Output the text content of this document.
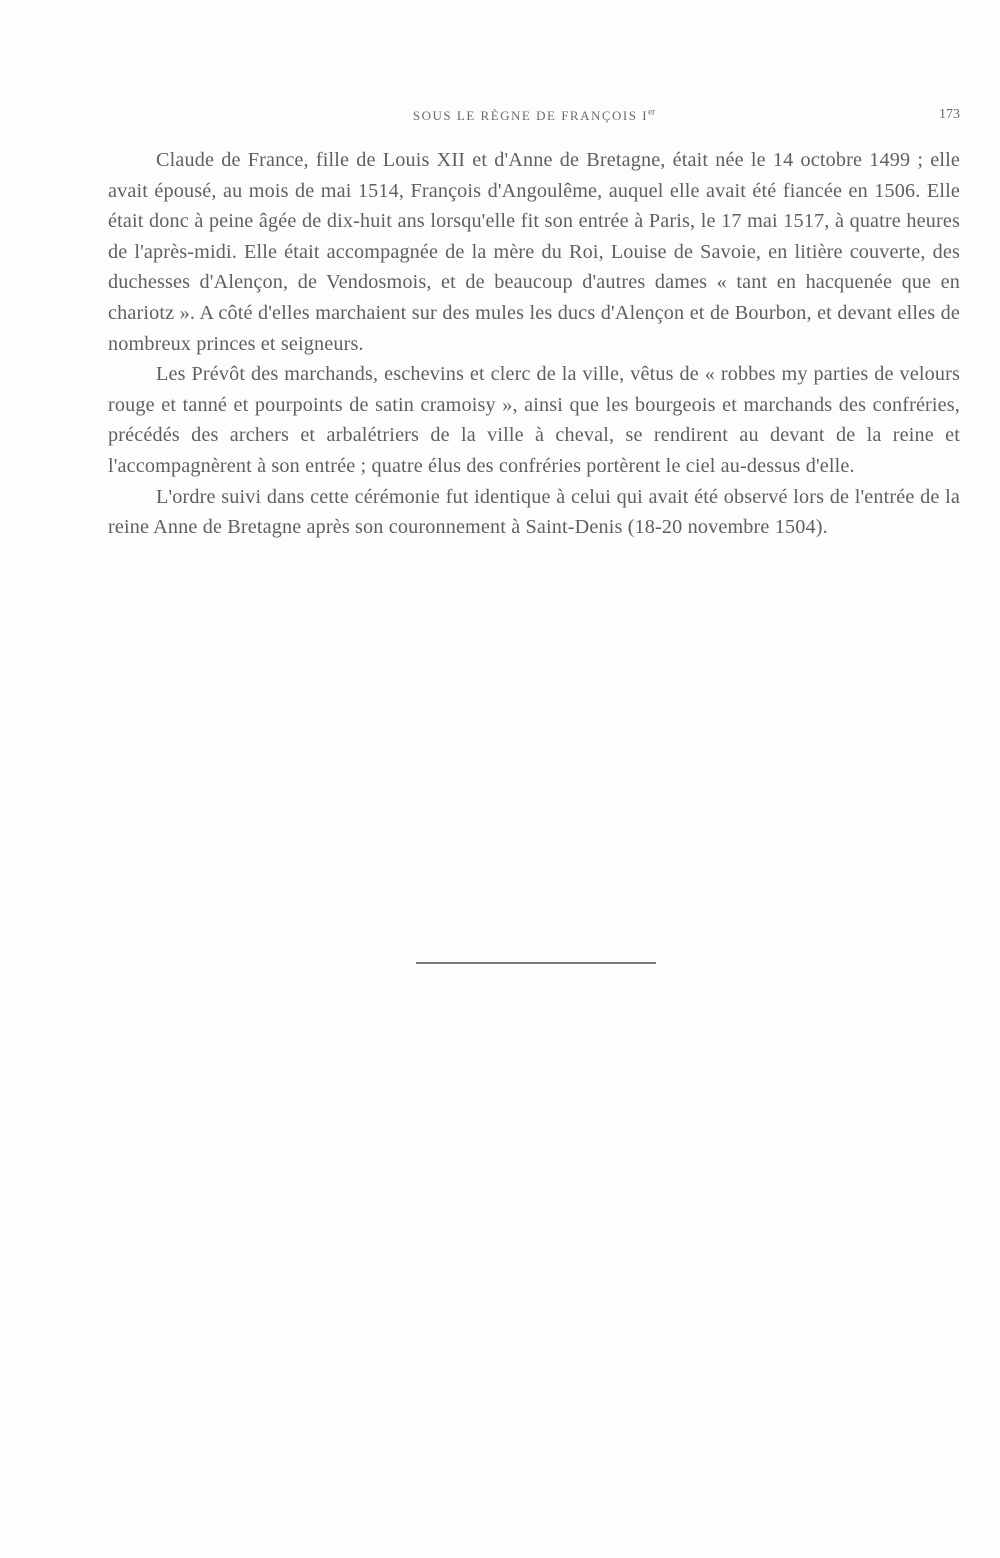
SOUS LE RÈGNE DE FRANÇOIS Ier	173

Claude de France, fille de Louis XII et d'Anne de Bretagne, était née le 14 octobre 1499 ; elle avait épousé, au mois de mai 1514, François d'Angoulême, auquel elle avait été fiancée en 1506. Elle était donc à peine âgée de dix-huit ans lorsqu'elle fit son entrée à Paris, le 17 mai 1517, à quatre heures de l'après-midi. Elle était accompagnée de la mère du Roi, Louise de Savoie, en litière couverte, des duchesses d'Alençon, de Vendosmois, et de beaucoup d'autres dames « tant en hacquenée que en chariotz ». A côté d'elles marchaient sur des mules les ducs d'Alençon et de Bourbon, et devant elles de nombreux princes et seigneurs.

Les Prévôt des marchands, eschevins et clerc de la ville, vêtus de « robbes my parties de velours rouge et tanné et pourpoints de satin cramoisy », ainsi que les bourgeois et marchands des confréries, précédés des archers et arbalétriers de la ville à cheval, se rendirent au devant de la reine et l'accompagnèrent à son entrée ; quatre élus des confréries portèrent le ciel au-dessus d'elle.

L'ordre suivi dans cette cérémonie fut identique à celui qui avait été observé lors de l'entrée de la reine Anne de Bretagne après son couronnement à Saint-Denis (18-20 novembre 1504).
